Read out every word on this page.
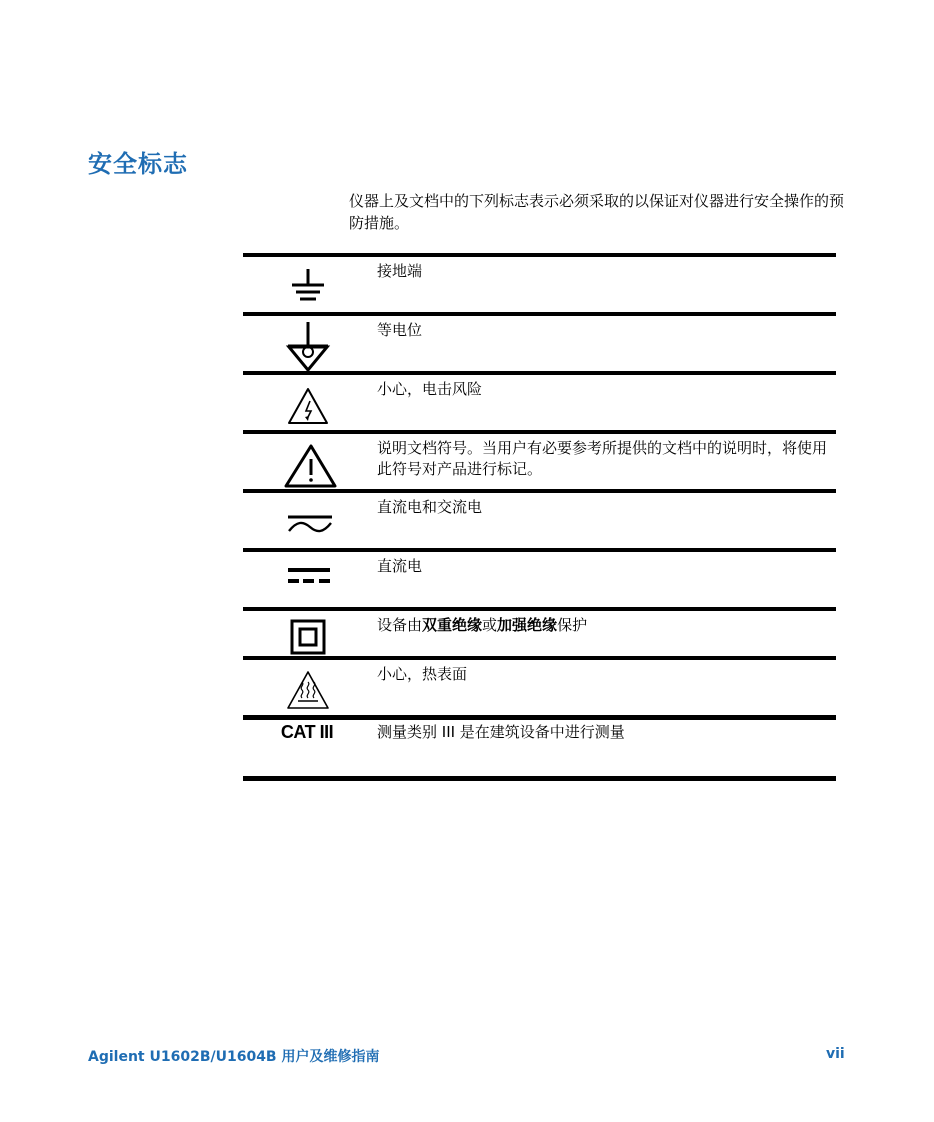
安全标志

仪器上及文档中的下列标志表示必须采取的以保证对仪器进行安全操作的预防措施。

接地端

等电位

小心，电击风险

说明文档符号。当用户有必要参考所提供的文档中的说明时，将使用此符号对产品进行标记。

直流电和交流电

直流电

设备由双重绝缘或加强绝缘保护

小心，热表面

CAT III	测量类别 III 是在建筑设备中进行测量

Agilent U1602B/U1604B 用户及维修指南	vii
